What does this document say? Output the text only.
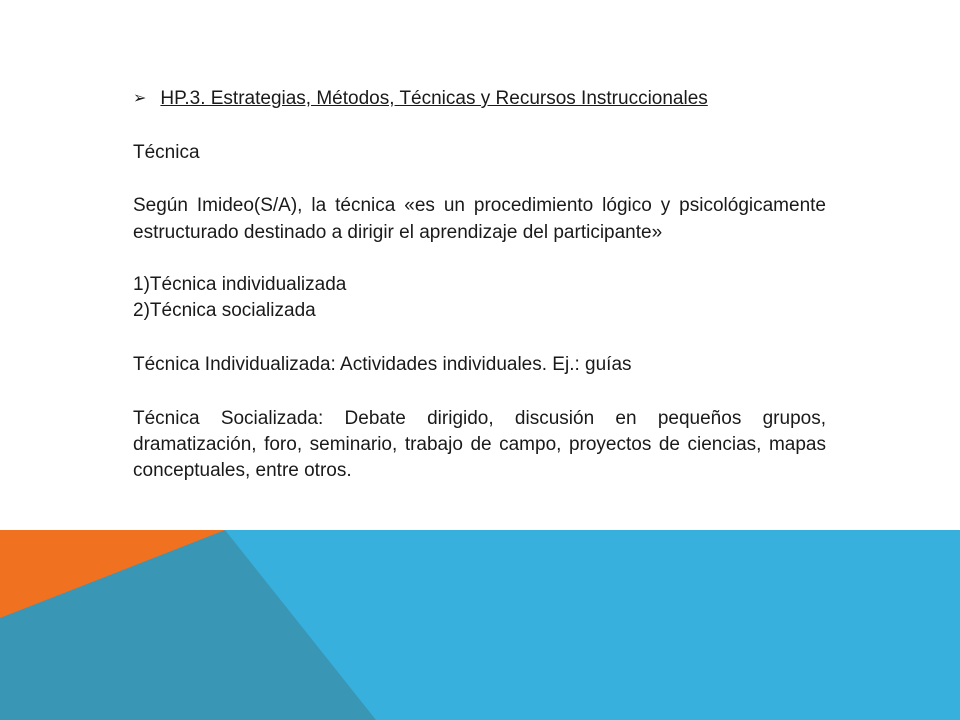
➢ HP.3. Estrategias, Métodos, Técnicas y Recursos Instruccionales
Técnica
Según Imideo(S/A), la técnica «es un procedimiento lógico y psicológicamente estructurado destinado a dirigir el aprendizaje del participante»
1)Técnica individualizada
2)Técnica socializada
Técnica Individualizada: Actividades individuales. Ej.: guías
Técnica Socializada: Debate dirigido, discusión en pequeños grupos, dramatización, foro, seminario, trabajo de campo, proyectos de ciencias, mapas conceptuales, entre otros.
